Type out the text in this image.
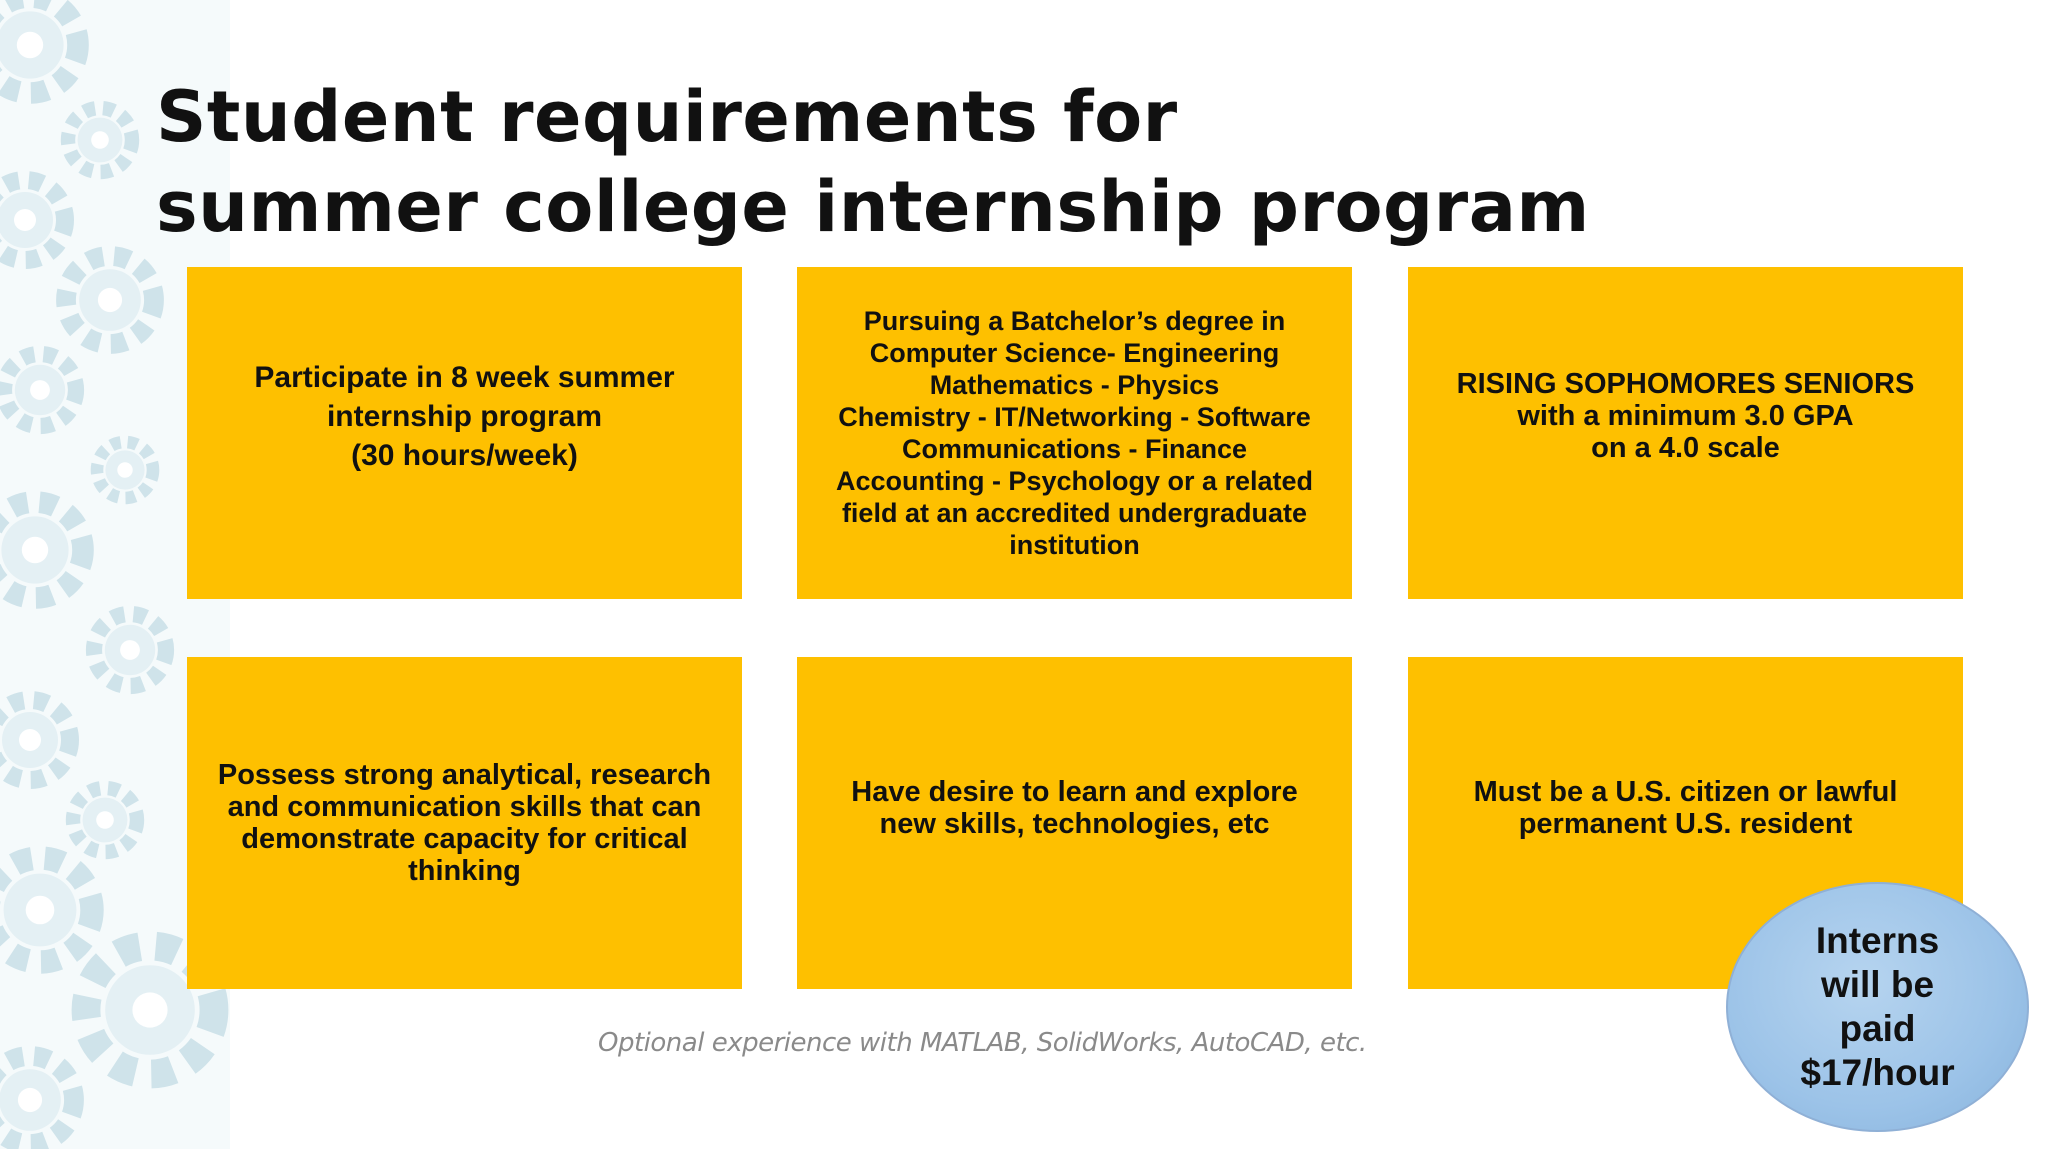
Student requirements for
summer college internship program
Participate in 8 week summer
internship program
(30 hours/week)
Pursuing a Batchelor’s degree in
Computer Science- Engineering
Mathematics - Physics
Chemistry - IT/Networking - Software
Communications - Finance
Accounting - Psychology or a related
field at an accredited undergraduate
institution
RISING SOPHOMORES SENIORS
with a minimum 3.0 GPA
on a 4.0 scale
Possess strong analytical, research
and communication skills that can
demonstrate capacity for critical
thinking
Have desire to learn and explore
new skills, technologies, etc
Must be a U.S. citizen or lawful
permanent U.S. resident
Optional experience with MATLAB, SolidWorks, AutoCAD, etc.
Interns
will be
paid
$17/hour
